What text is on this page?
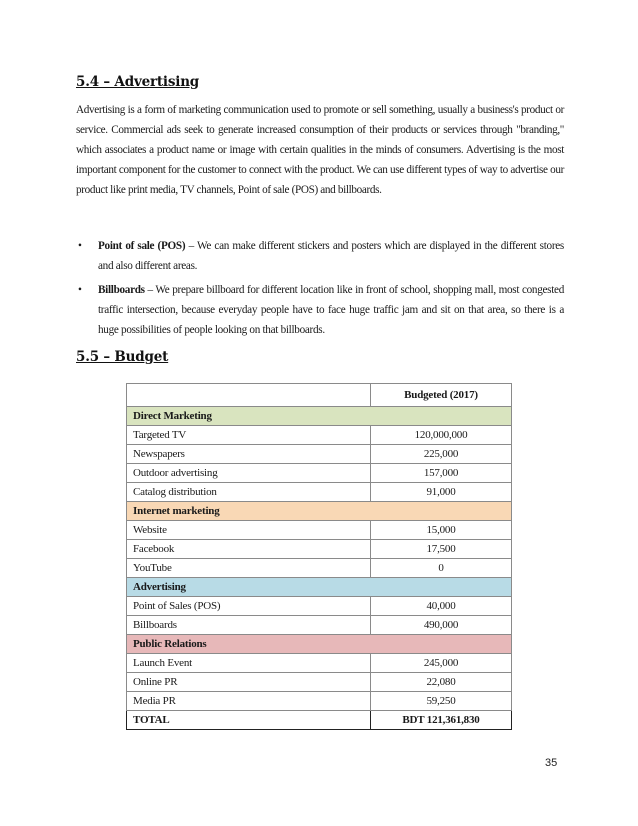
5.4 – Advertising
Advertising is a form of marketing communication used to promote or sell something, usually a business's product or service. Commercial ads seek to generate increased consumption of their products or services through "branding," which associates a product name or image with certain qualities in the minds of consumers. Advertising is the most important component for the customer to connect with the product. We can use different types of way to advertise our product like print media, TV channels, Point of sale (POS) and billboards.
• Point of sale (POS) – We can make different stickers and posters which are displayed in the different stores and also different areas.
• Billboards – We prepare billboard for different location like in front of school, shopping mall, most congested traffic intersection, because everyday people have to face huge traffic jam and sit on that area, so there is a huge possibilities of people looking on that billboards.
5.5 – Budget
	Budgeted (2017)
Direct Marketing	
Targeted TV	120,000,000
Newspapers	225,000
Outdoor advertising	157,000
Catalog distribution	91,000
Internet marketing	
Website	15,000
Facebook	17,500
YouTube	0
Advertising	
Point of Sales (POS)	40,000
Billboards	490,000
Public Relations	
Launch Event	245,000
Online PR	22,080
Media PR	59,250
TOTAL	BDT 121,361,830
35
